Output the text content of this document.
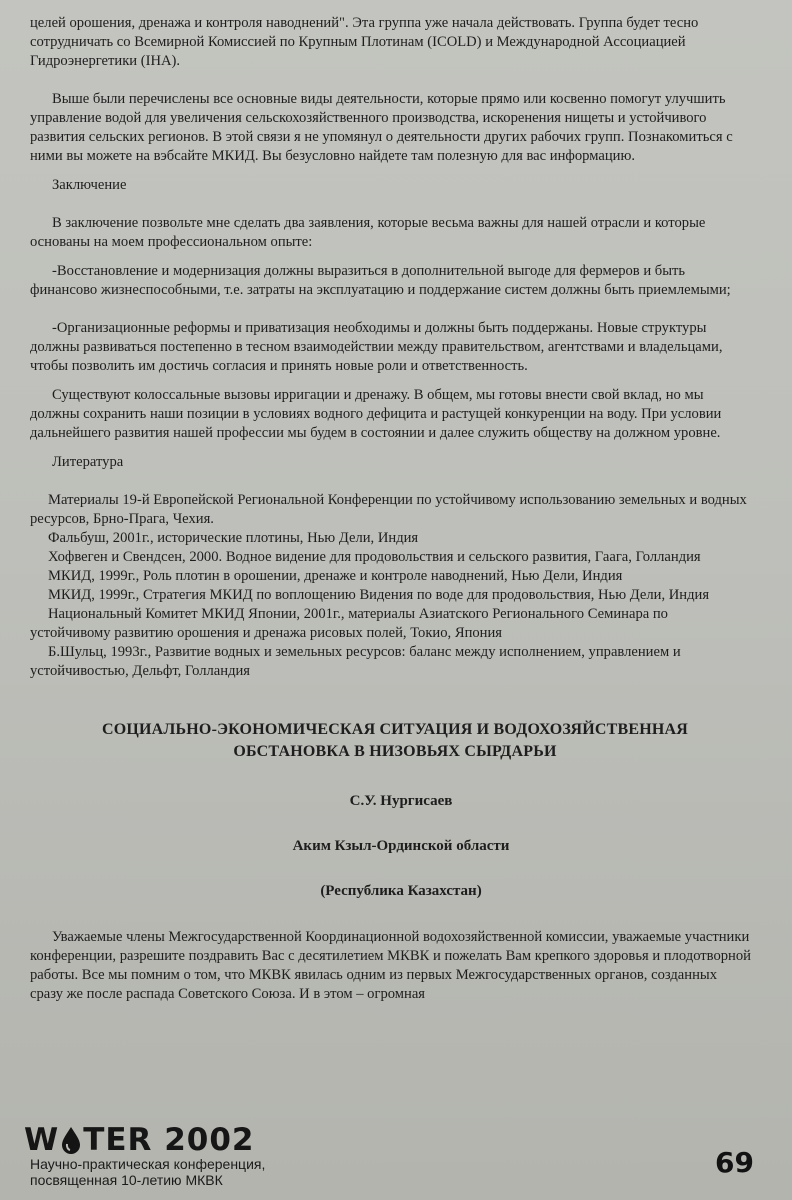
целей орошения, дренажа и контроля наводнений". Эта группа уже начала действовать. Группа будет тесно сотрудничать со Всемирной Комиссией по Крупным Плотинам (ICOLD) и Международной Ассоциацией Гидроэнергетики (IHA).

Выше были перечислены все основные виды деятельности, которые прямо или косвенно помогут улучшить управление водой для увеличения сельскохозяйственного производства, искоренения нищеты и устойчивого развития сельских регионов. В этой связи я не упомянул о деятельности других рабочих групп. Познакомиться с ними вы можете на вэбсайте МКИД. Вы безусловно найдете там полезную для вас информацию.

Заключение

В заключение позвольте мне сделать два заявления, которые весьма важны для нашей отрасли и которые основаны на моем профессиональном опыте:

-Восстановление и модернизация должны выразиться в дополнительной выгоде для фермеров и быть финансово жизнеспособными, т.е. затраты на эксплуатацию и поддержание систем должны быть приемлемыми;

-Организационные реформы и приватизация необходимы и должны быть поддержаны. Новые структуры должны развиваться постепенно в тесном взаимодействии между правительством, агентствами и владельцами, чтобы позволить им достичь согласия и принять новые роли и ответственность.

Существуют колоссальные вызовы ирригации и дренажу. В общем, мы готовы внести свой вклад, но мы должны сохранить наши позиции в условиях водного дефицита и растущей конкуренции на воду. При условии дальнейшего развития нашей профессии мы будем в состоянии и далее служить обществу на должном уровне.

Литература

Материалы 19-й Европейской Региональной Конференции по устойчивому использованию земельных и водных ресурсов, Брно-Прага, Чехия.

Фальбуш, 2001г., исторические плотины, Нью Дели, Индия

Хофвеген и Свендсен, 2000. Водное видение для продовольствия и сельского развития, Гаага, Голландия

МКИД, 1999г., Роль плотин в орошении, дренаже и контроле наводнений, Нью Дели, Индия

МКИД, 1999г., Стратегия МКИД по воплощению Видения по воде для продовольствия, Нью Дели, Индия

Национальный Комитет МКИД Японии, 2001г., материалы Азиатского Регионального Семинара по устойчивому развитию орошения и дренажа рисовых полей, Токио, Япония

Б.Шульц, 1993г., Развитие водных и земельных ресурсов: баланс между исполнением, управлением и устойчивостью, Дельфт, Голландия

СОЦИАЛЬНО-ЭКОНОМИЧЕСКАЯ СИТУАЦИЯ И ВОДОХОЗЯЙСТВЕННАЯ
ОБСТАНОВКА В НИЗОВЬЯХ СЫРДАРЬИ

С.У. Нургисаев

Аким Кзыл-Ординской области

(Республика Казахстан)

Уважаемые члены Межгосударственной Координационной водохозяйственной комиссии, уважаемые участники конференции, разрешите поздравить Вас с десятилетием МКВК и пожелать Вам крепкого здоровья и плодотворной работы. Все мы помним о том, что МКВК явилась одним из первых Межгосударственных органов, созданных сразу же после распада Советского Союза. И в этом – огромная

W TER 2002
Научно-практическая конференция,
посвященная 10-летию МКВК
69
